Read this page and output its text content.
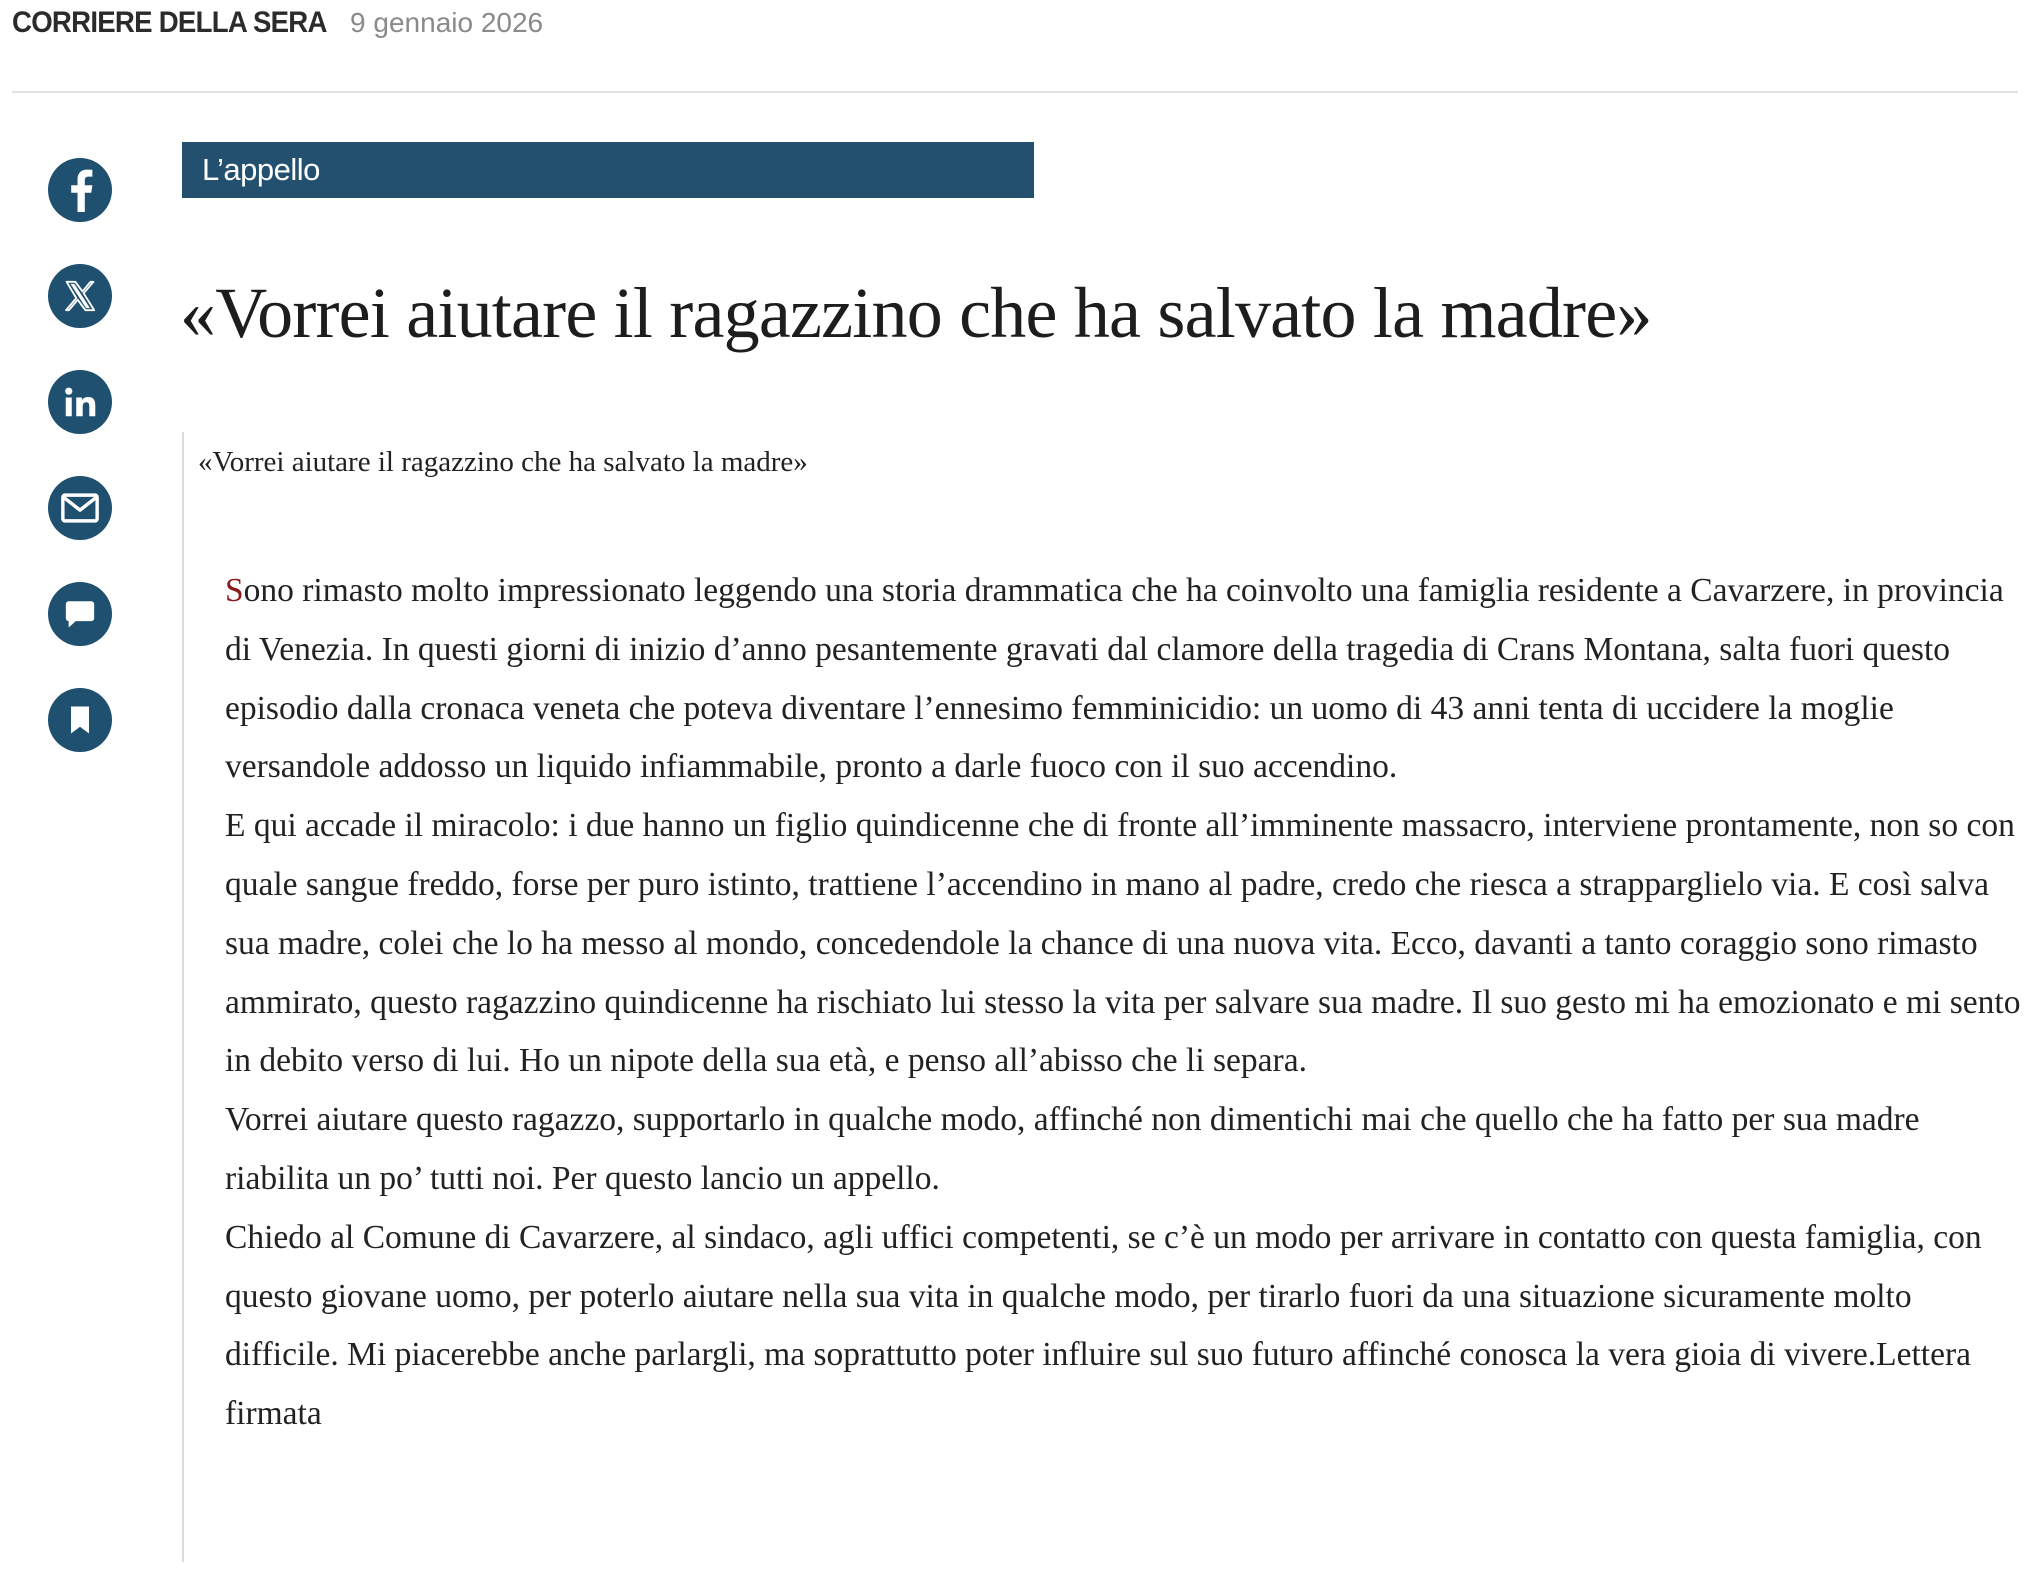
CORRIERE DELLA SERA 9 gennaio 2026
L’appello
«Vorrei aiutare il ragazzino che ha salvato la madre»
«Vorrei aiutare il ragazzino che ha salvato la madre»

Sono rimasto molto impressionato leggendo una storia drammatica che ha coinvolto una famiglia residente a Cavarzere, in provincia di Venezia. In questi giorni di inizio d’anno pesantemente gravati dal clamore della tragedia di Crans Montana, salta fuori questo episodio dalla cronaca veneta che poteva diventare l’ennesimo femminicidio: un uomo di 43 anni tenta di uccidere la moglie versandole addosso un liquido infiammabile, pronto a darle fuoco con il suo accendino.

E qui accade il miracolo: i due hanno un figlio quindicenne che di fronte all’imminente massacro, interviene prontamente, non so con quale sangue freddo, forse per puro istinto, trattiene l’accendino in mano al padre, credo che riesca a strapparglielo via. E così salva sua madre, colei che lo ha messo al mondo, concedendole la chance di una nuova vita. Ecco, davanti a tanto coraggio sono rimasto ammirato, questo ragazzino quindicenne ha rischiato lui stesso la vita per salvare sua madre. Il suo gesto mi ha emozionato e mi sento in debito verso di lui. Ho un nipote della sua età, e penso all’abisso che li separa.

Vorrei aiutare questo ragazzo, supportarlo in qualche modo, affinché non dimentichi mai che quello che ha fatto per sua madre riabilita un po’ tutti noi. Per questo lancio un appello.

Chiedo al Comune di Cavarzere, al sindaco, agli uffici competenti, se c’è un modo per arrivare in contatto con questa famiglia, con questo giovane uomo, per poterlo aiutare nella sua vita in qualche modo, per tirarlo fuori da una situazione sicuramente molto difficile. Mi piacerebbe anche parlargli, ma soprattutto poter influire sul suo futuro affinché conosca la vera gioia di vivere.Lettera firmata
